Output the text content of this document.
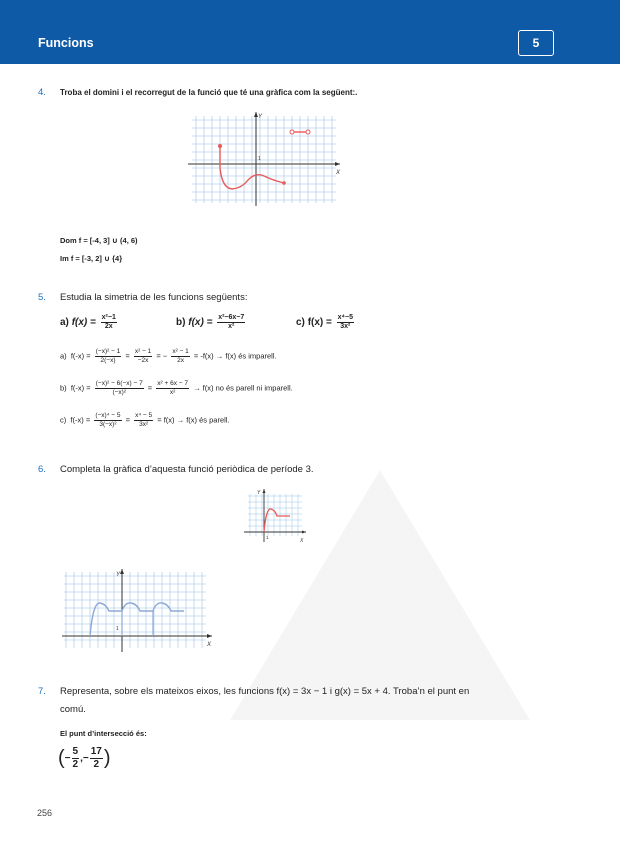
Funcions	5
4. Troba el domini i el recorregut de la funció que té una gràfica com la següent:.
Y
X
1
Dom f = [-4, 3] ∪ (4, 6)
Im f = [-3, 2] ∪ {4}
5. Estudia la simetria de les funcions següents:
a) $f(x) = \frac{\text{x²−1}}{2x}$	b) $f(x) = \frac{\text{x²−6x−7}}{\text{x²}}$	c) $f(x) = \frac{\text{x⁴−5}}{\text{3x²}}$
a) $f(-x) = \frac{\text{(−x)² − 1}}{2(-x)} = \frac{\text{x² − 1}}{-2x}$ = − $\frac{\text{x² − 1}}{2x} = -f(x) \to f(x)$ és imparell.
b) $f(-x) = \frac{\text{(−x)² − 6(−x) − 7}}{\text{(−x)²}} = \frac{\text{x² + 6x − 7}}{\text{x²}} \to f(x)$ no és parell ni imparell.
c) $f(-x) = \frac{\text{(−x)⁴ − 5}}{\text{3(−x)²}} = \frac{\text{x⁴ − 5}}{\text{3x²}} = f(x) \to f(x)$ és parell.
6. Completa la gràfica d’aquesta funció periòdica de període 3.
Y
X
1
Y
X
1
7. Representa, sobre els mateixos eixos, les funcions f(x) = 3x − 1 i g(x) = 5x + 4. Troba’n el punt en
comú.
El punt d’intersecció és:
(− $\frac{5}{2}$ ,− $\frac{17}{2}$ )
256
